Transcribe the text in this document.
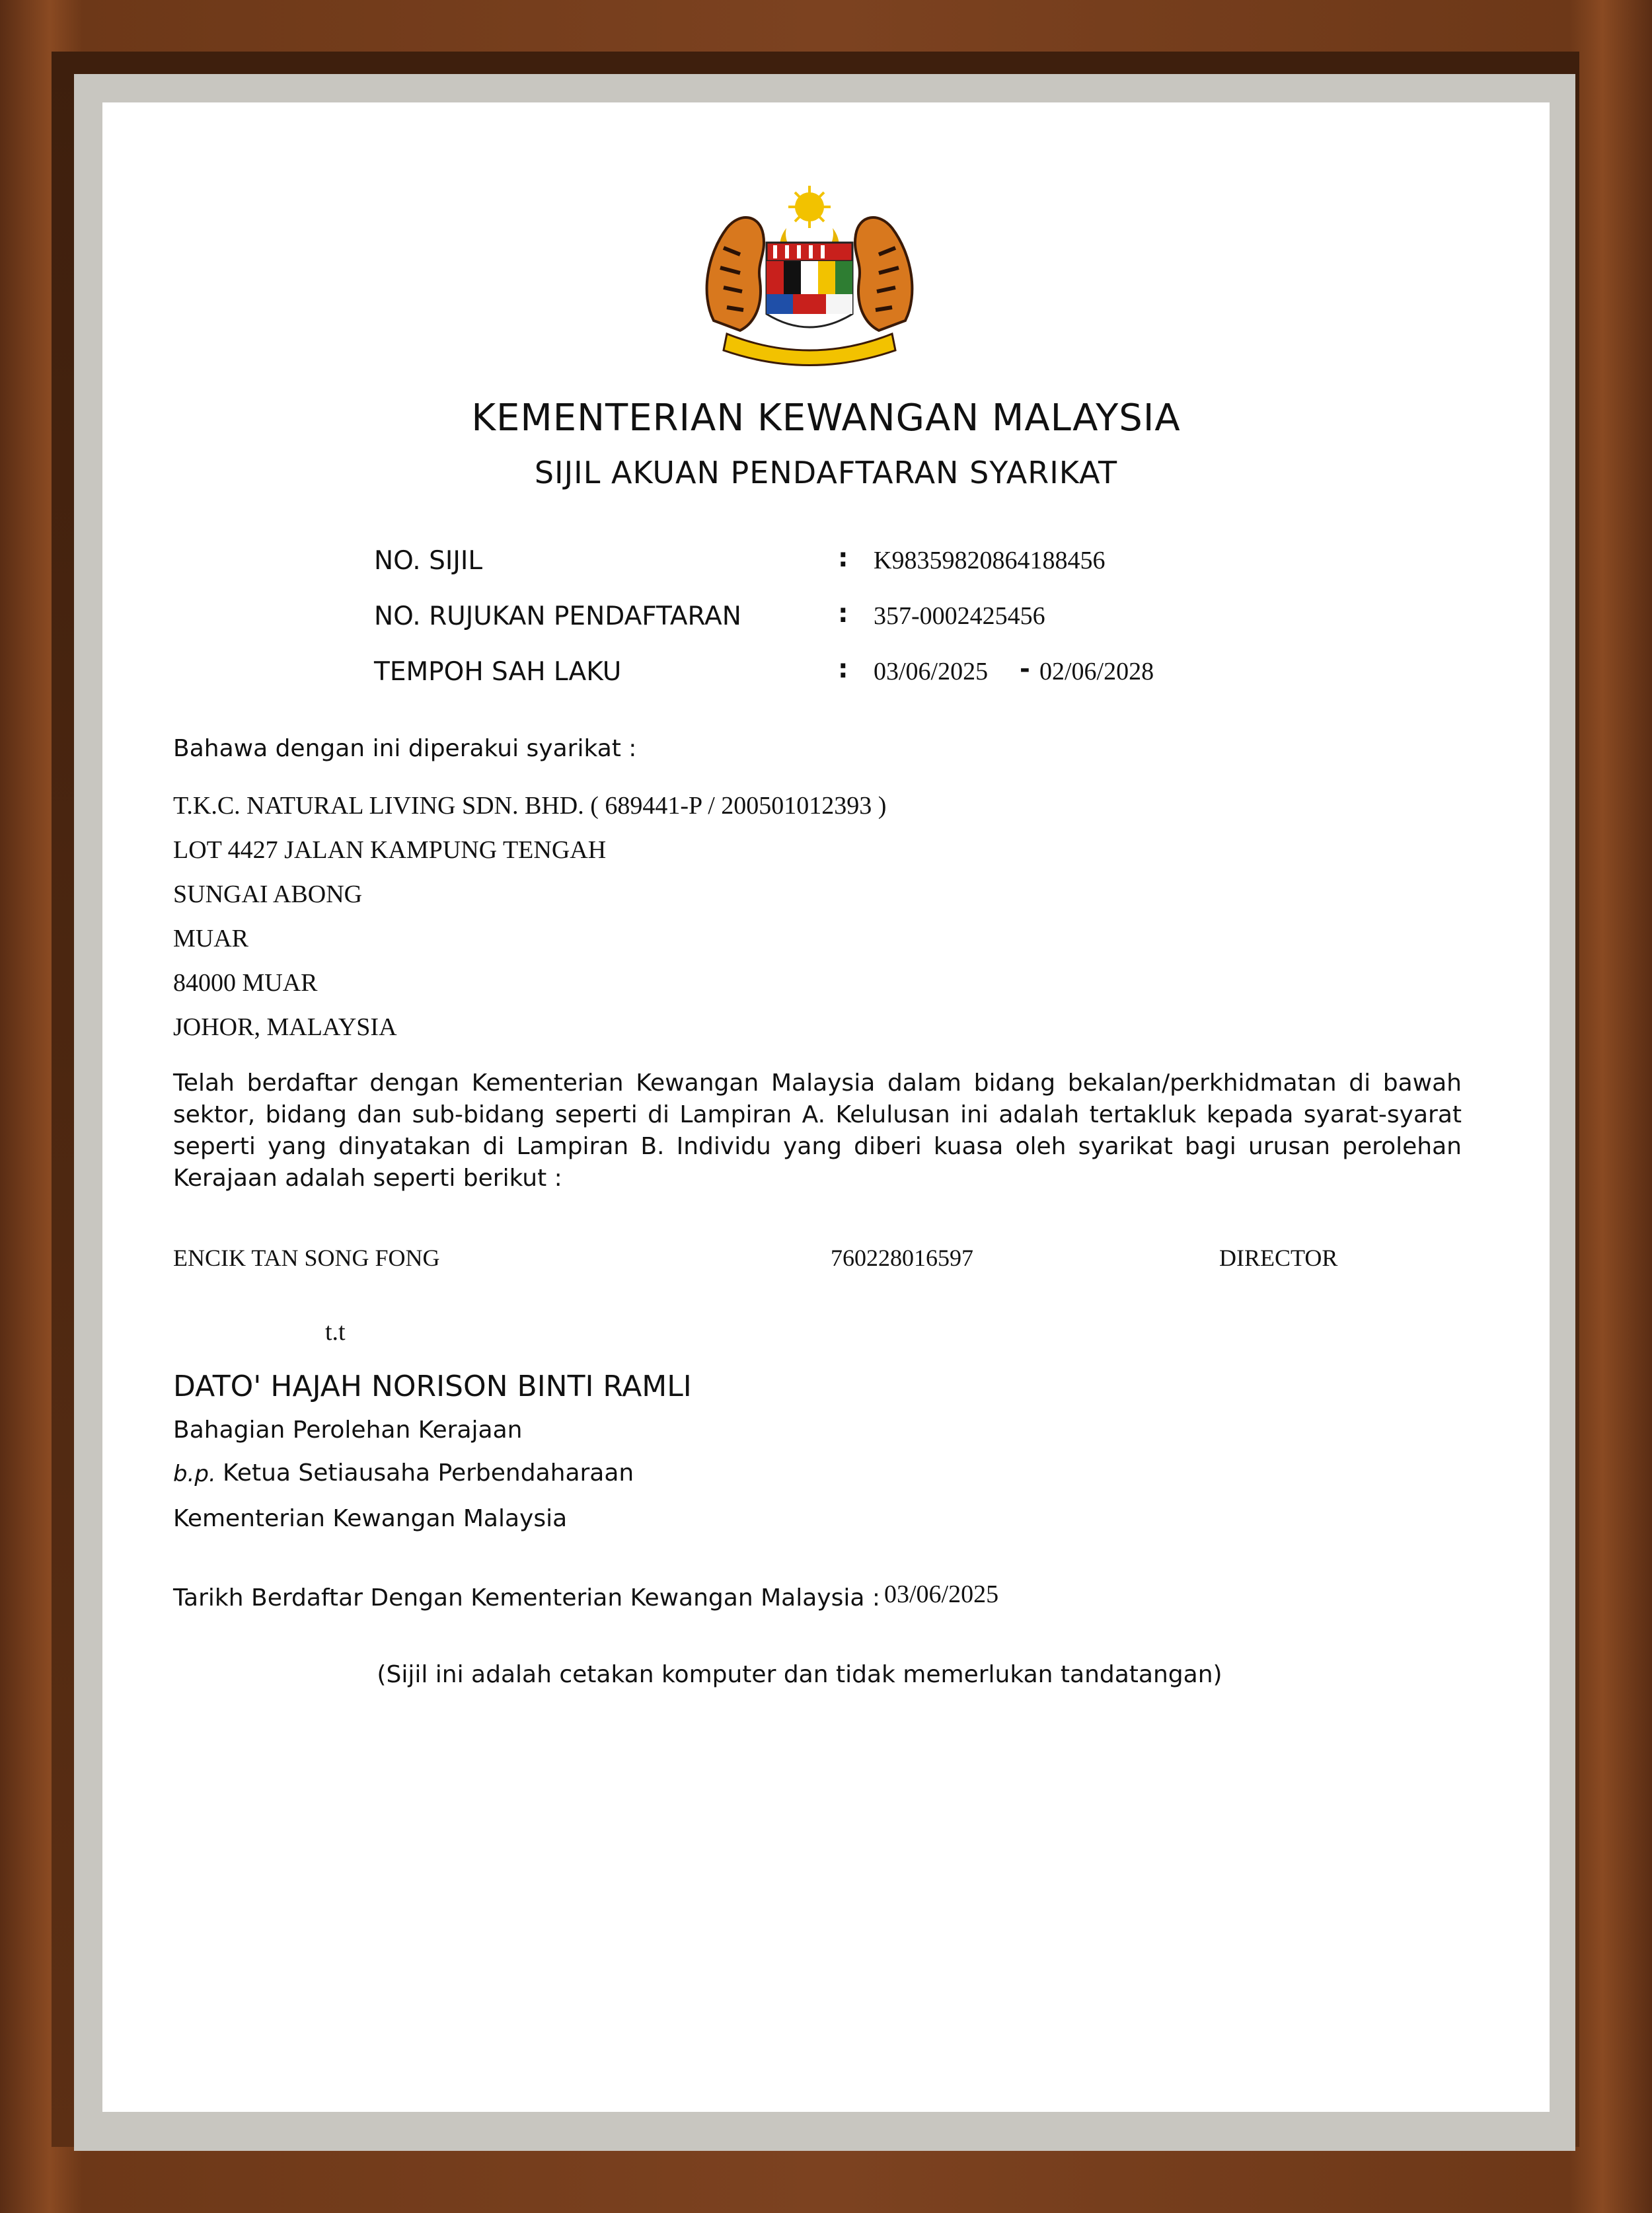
KEMENTERIAN KEWANGAN MALAYSIA
SIJIL AKUAN PENDAFTARAN SYARIKAT
NO. SIJIL	: K98359820864188456
NO. RUJUKAN PENDAFTARAN	: 357-0002425456
TEMPOH SAH LAKU	: 03/06/2025 - 02/06/2028
Bahawa dengan ini diperakui syarikat :
T.K.C. NATURAL LIVING SDN. BHD. ( 689441-P / 200501012393 )
LOT 4427 JALAN KAMPUNG TENGAH
SUNGAI ABONG
MUAR
84000 MUAR
JOHOR, MALAYSIA
Telah berdaftar dengan Kementerian Kewangan Malaysia dalam bidang bekalan/perkhidmatan di bawah sektor, bidang dan sub-bidang seperti di Lampiran A. Kelulusan ini adalah tertakluk kepada syarat-syarat seperti yang dinyatakan di Lampiran B. Individu yang diberi kuasa oleh syarikat bagi urusan perolehan Kerajaan adalah seperti berikut :
ENCIK TAN SONG FONG	760228016597	DIRECTOR
t.t
DATO' HAJAH NORISON BINTI RAMLI
Bahagian Perolehan Kerajaan
b.p. Ketua Setiausaha Perbendaharaan
Kementerian Kewangan Malaysia
Tarikh Berdaftar Dengan Kementerian Kewangan Malaysia : 03/06/2025
(Sijil ini adalah cetakan komputer dan tidak memerlukan tandatangan)
